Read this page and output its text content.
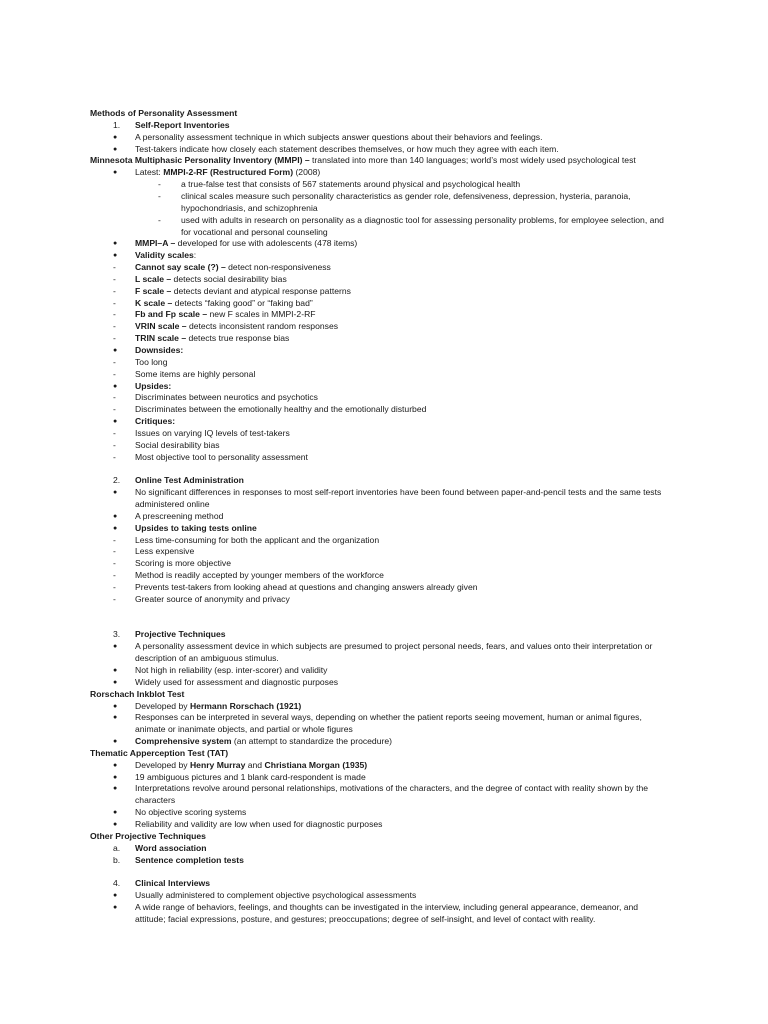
Methods of Personality Assessment
1. Self-Report Inventories
● A personality assessment technique in which subjects answer questions about their behaviors and feelings.
● Test-takers indicate how closely each statement describes themselves, or how much they agree with each item.
Minnesota Multiphasic Personality Inventory (MMPI) – translated into more than 140 languages; world’s most widely used psychological test
● Latest: MMPI-2-RF (Restructured Form) (2008)
- a true-false test that consists of 567 statements around physical and psychological health
- clinical scales measure such personality characteristics as gender role, defensiveness, depression, hysteria, paranoia,
hypochondriasis, and schizophrenia
- used with adults in research on personality as a diagnostic tool for assessing personality problems, for employee selection, and
for vocational and personal counseling
● MMPI–A – developed for use with adolescents (478 items)
● Validity scales:
- Cannot say scale (?) – detect non-responsiveness
- L scale – detects social desirability bias
- F scale – detects deviant and atypical response patterns
- K scale – detects “faking good” or “faking bad”
- Fb and Fp scale – new F scales in MMPI-2-RF
- VRIN scale – detects inconsistent random responses
- TRIN scale – detects true response bias
● Downsides:
- Too long
- Some items are highly personal
● Upsides:
- Discriminates between neurotics and psychotics
- Discriminates between the emotionally healthy and the emotionally disturbed
● Critiques:
- Issues on varying IQ levels of test-takers
- Social desirability bias
- Most objective tool to personality assessment
2. Online Test Administration
● No significant differences in responses to most self-report inventories have been found between paper-and-pencil tests and the same tests
administered online
● A prescreening method
● Upsides to taking tests online
- Less time-consuming for both the applicant and the organization
- Less expensive
- Scoring is more objective
- Method is readily accepted by younger members of the workforce
- Prevents test-takers from looking ahead at questions and changing answers already given
- Greater source of anonymity and privacy
3. Projective Techniques
● A personality assessment device in which subjects are presumed to project personal needs, fears, and values onto their interpretation or
description of an ambiguous stimulus.
● Not high in reliability (esp. inter-scorer) and validity
● Widely used for assessment and diagnostic purposes
Rorschach Inkblot Test
● Developed by Hermann Rorschach (1921)
● Responses can be interpreted in several ways, depending on whether the patient reports seeing movement, human or animal figures,
animate or inanimate objects, and partial or whole figures
● Comprehensive system (an attempt to standardize the procedure)
Thematic Apperception Test (TAT)
● Developed by Henry Murray and Christiana Morgan (1935)
● 19 ambiguous pictures and 1 blank card-respondent is made
● Interpretations revolve around personal relationships, motivations of the characters, and the degree of contact with reality shown by the
characters
● No objective scoring systems
● Reliability and validity are low when used for diagnostic purposes
Other Projective Techniques
a. Word association
b. Sentence completion tests
4. Clinical Interviews
● Usually administered to complement objective psychological assessments
● A wide range of behaviors, feelings, and thoughts can be investigated in the interview, including general appearance, demeanor, and
attitude; facial expressions, posture, and gestures; preoccupations; degree of self-insight, and level of contact with reality.
